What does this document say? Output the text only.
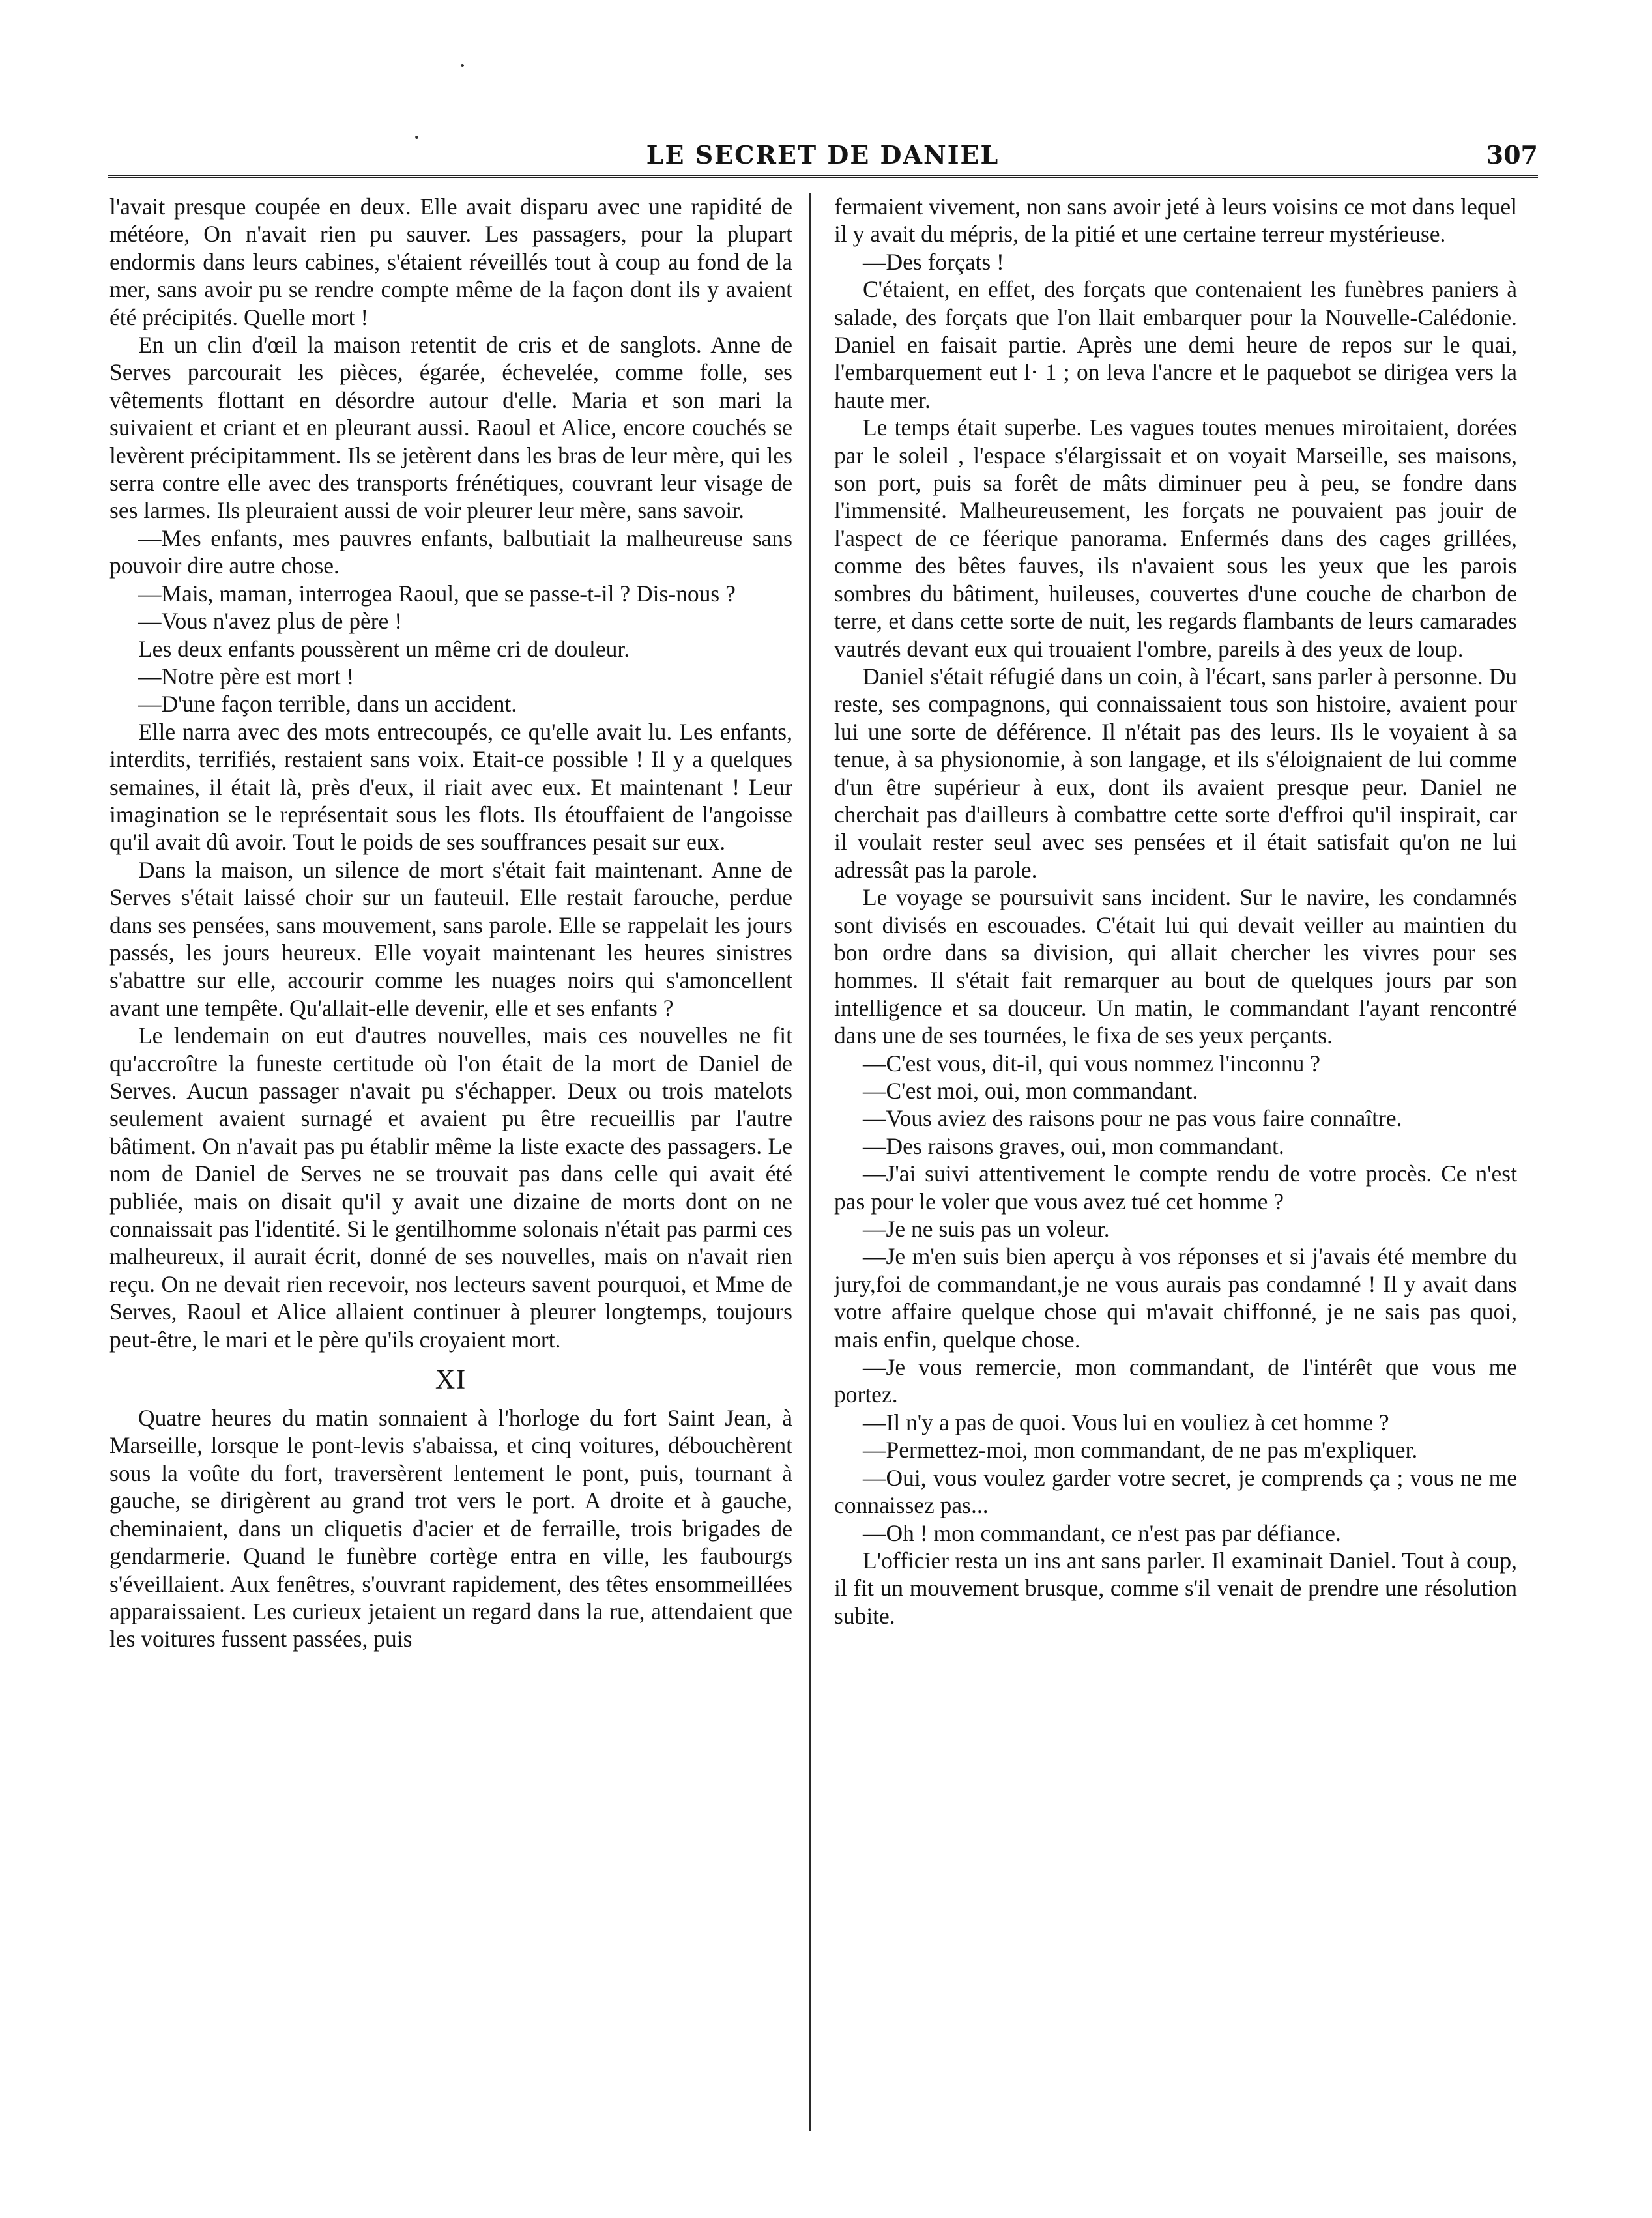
LE SECRET DE DANIEL	307

l'avait presque coupée en deux. Elle avait disparu avec une rapidité de météore, On n'avait rien pu sauver. Les passagers, pour la plupart endormis dans leurs cabines, s'étaient réveillés tout à coup au fond de la mer, sans avoir pu se rendre compte même de la façon dont ils y avaient été précipités. Quelle mort !

En un clin d'œil la maison retentit de cris et de sanglots. Anne de Serves parcourait les pièces, égarée, échevelée, comme folle, ses vêtements flottant en désordre autour d'elle. Maria et son mari la suivaient et criant et en pleurant aussi. Raoul et Alice, encore couchés se levèrent précipitamment. Ils se jetèrent dans les bras de leur mère, qui les serra contre elle avec des transports frénétiques, couvrant leur visage de ses larmes. Ils pleuraient aussi de voir pleurer leur mère, sans savoir.

—Mes enfants, mes pauvres enfants, balbutiait la malheureuse sans pouvoir dire autre chose.

—Mais, maman, interrogea Raoul, que se passe-t-il ? Dis-nous ?

—Vous n'avez plus de père !

Les deux enfants poussèrent un même cri de douleur.

—Notre père est mort !

—D'une façon terrible, dans un accident.

Elle narra avec des mots entrecoupés, ce qu'elle avait lu. Les enfants, interdits, terrifiés, restaient sans voix. Etait-ce possible ! Il y a quelques semaines, il était là, près d'eux, il riait avec eux. Et maintenant ! Leur imagination se le représentait sous les flots. Ils étouffaient de l'angoisse qu'il avait dû avoir. Tout le poids de ses souffrances pesait sur eux.

Dans la maison, un silence de mort s'était fait maintenant. Anne de Serves s'était laissé choir sur un fauteuil. Elle restait farouche, perdue dans ses pensées, sans mouvement, sans parole. Elle se rappelait les jours passés, les jours heureux. Elle voyait maintenant les heures sinistres s'abattre sur elle, accourir comme les nuages noirs qui s'amoncellent avant une tempête. Qu'allait-elle devenir, elle et ses enfants ?

Le lendemain on eut d'autres nouvelles, mais ces nouvelles ne fit qu'accroître la funeste certitude où l'on était de la mort de Daniel de Serves. Aucun passager n'avait pu s'échapper. Deux ou trois matelots seulement avaient surnagé et avaient pu être recueillis par l'autre bâtiment. On n'avait pas pu établir même la liste exacte des passagers. Le nom de Daniel de Serves ne se trouvait pas dans celle qui avait été publiée, mais on disait qu'il y avait une dizaine de morts dont on ne connaissait pas l'identité. Si le gentilhomme solonais n'était pas parmi ces malheureux, il aurait écrit, donné de ses nouvelles, mais on n'avait rien reçu. On ne devait rien recevoir, nos lecteurs savent pourquoi, et Mme de Serves, Raoul et Alice allaient continuer à pleurer longtemps, toujours peut-être, le mari et le père qu'ils croyaient mort.

XI

Quatre heures du matin sonnaient à l'horloge du fort Saint Jean, à Marseille, lorsque le pont-levis s'abaissa, et cinq voitures, débouchèrent sous la voûte du fort, traversèrent lentement le pont, puis, tournant à gauche, se dirigèrent au grand trot vers le port. A droite et à gauche, cheminaient, dans un cliquetis d'acier et de ferraille, trois brigades de gendarmerie. Quand le funèbre cortège entra en ville, les faubourgs s'éveillaient. Aux fenêtres, s'ouvrant rapidement, des têtes ensommeillées apparaissaient. Les curieux jetaient un regard dans la rue, attendaient que les voitures fussent passées, puis

fermaient vivement, non sans avoir jeté à leurs voisins ce mot dans lequel il y avait du mépris, de la pitié et une certaine terreur mystérieuse.

—Des forçats !

C'étaient, en effet, des forçats que contenaient les funèbres paniers à salade, des forçats que l'on llait embarquer pour la Nouvelle-Calédonie. Daniel en faisait partie. Après une demi heure de repos sur le quai, l'embarquement eut l· 1 ; on leva l'ancre et le paquebot se dirigea vers la haute mer.

Le temps était superbe. Les vagues toutes menues miroitaient, dorées par le soleil , l'espace s'élargissait et on voyait Marseille, ses maisons, son port, puis sa forêt de mâts diminuer peu à peu, se fondre dans l'immensité. Malheureusement, les forçats ne pouvaient pas jouir de l'aspect de ce féerique panorama. Enfermés dans des cages grillées, comme des bêtes fauves, ils n'avaient sous les yeux que les parois sombres du bâtiment, huileuses, couvertes d'une couche de charbon de terre, et dans cette sorte de nuit, les regards flambants de leurs camarades vautrés devant eux qui trouaient l'ombre, pareils à des yeux de loup.

Daniel s'était réfugié dans un coin, à l'écart, sans parler à personne. Du reste, ses compagnons, qui connaissaient tous son histoire, avaient pour lui une sorte de déférence. Il n'était pas des leurs. Ils le voyaient à sa tenue, à sa physionomie, à son langage, et ils s'éloignaient de lui comme d'un être supérieur à eux, dont ils avaient presque peur. Daniel ne cherchait pas d'ailleurs à combattre cette sorte d'effroi qu'il inspirait, car il voulait rester seul avec ses pensées et il était satisfait qu'on ne lui adressât pas la parole.

Le voyage se poursuivit sans incident. Sur le navire, les condamnés sont divisés en escouades. C'était lui qui devait veiller au maintien du bon ordre dans sa division, qui allait chercher les vivres pour ses hommes. Il s'était fait remarquer au bout de quelques jours par son intelligence et sa douceur. Un matin, le commandant l'ayant rencontré dans une de ses tournées, le fixa de ses yeux perçants.

—C'est vous, dit-il, qui vous nommez l'inconnu ?

—C'est moi, oui, mon commandant.

—Vous aviez des raisons pour ne pas vous faire connaître.

—Des raisons graves, oui, mon commandant.

—J'ai suivi attentivement le compte rendu de votre procès. Ce n'est pas pour le voler que vous avez tué cet homme ?

—Je ne suis pas un voleur.

—Je m'en suis bien aperçu à vos réponses et si j'avais été membre du jury,foi de commandant,je ne vous aurais pas condamné ! Il y avait dans votre affaire quelque chose qui m'avait chiffonné, je ne sais pas quoi, mais enfin, quelque chose.

—Je vous remercie, mon commandant, de l'intérêt que vous me portez.

—Il n'y a pas de quoi. Vous lui en vouliez à cet homme ?

—Permettez-moi, mon commandant, de ne pas m'expliquer.

—Oui, vous voulez garder votre secret, je comprends ça ; vous ne me connaissez pas...

—Oh ! mon commandant, ce n'est pas par défiance.

L'officier resta un ins ant sans parler. Il examinait Daniel. Tout à coup, il fit un mouvement brusque, comme s'il venait de prendre une résolution subite.
